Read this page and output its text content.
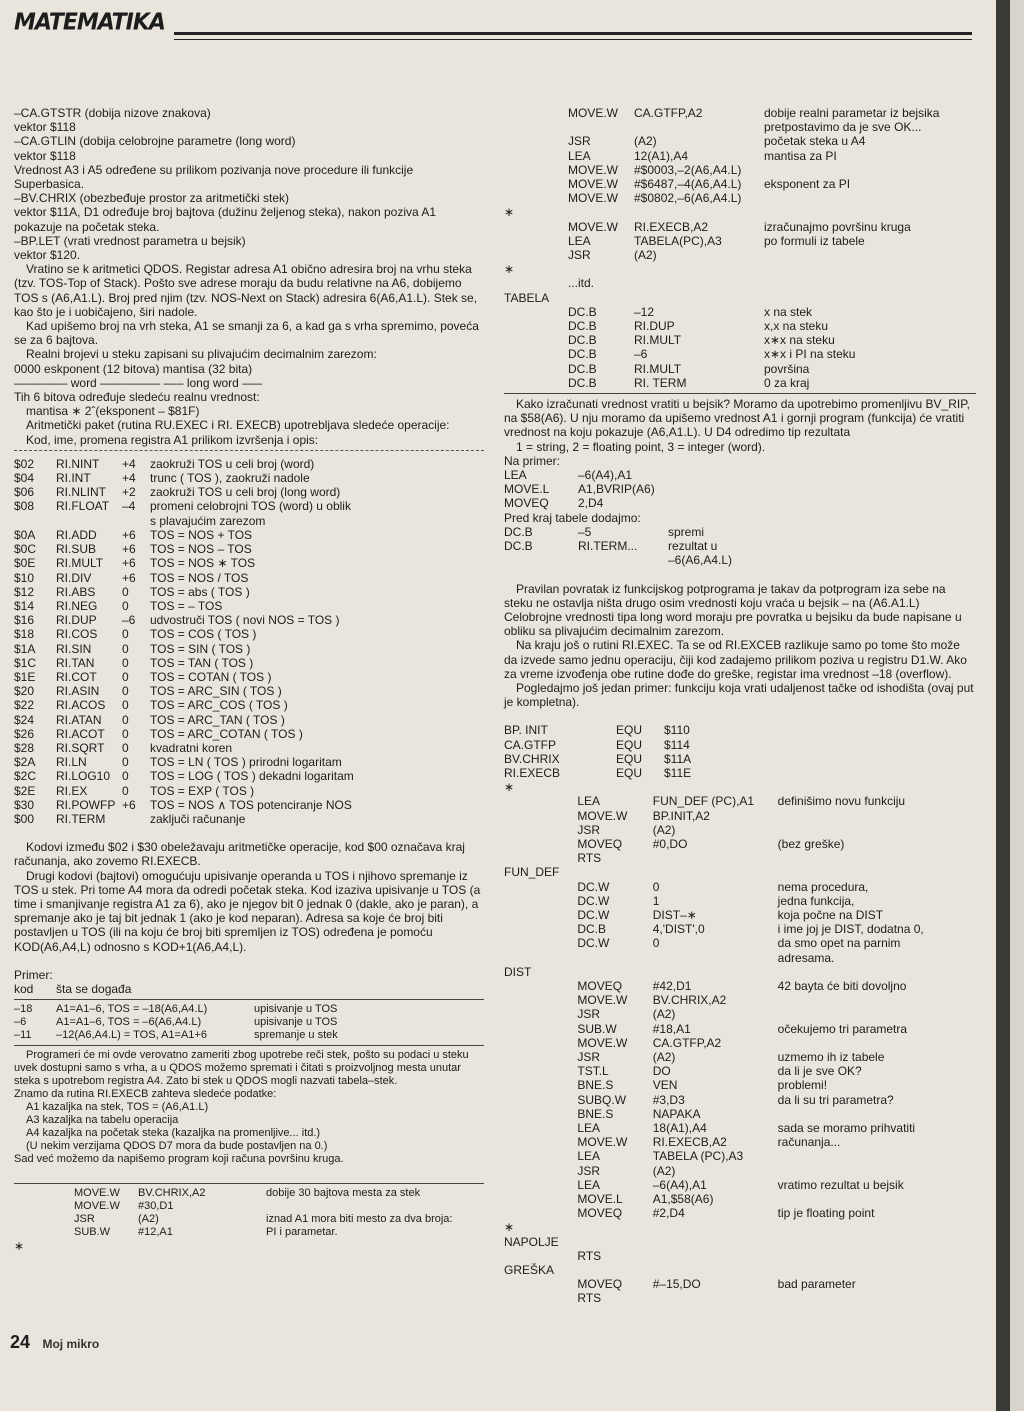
MATEMATIKA

–CA.GTSTR (dobija nizove znakova)

vektor $118

–CA.GTLIN (dobija celobrojne parametre (long word)

vektor $118

Vrednost A3 i A5 određene su prilikom pozivanja nove procedure ili funkcije Superbasica.

–BV.CHRIX (obezbeđuje prostor za aritmetički stek)

vektor $11A, D1 određuje broj bajtova (dužinu željenog steka), nakon poziva A1 pokazuje na početak steka.

–BP.LET (vrati vrednost parametra u bejsik)

vektor $120.

Vratino se k aritmetici QDOS. Registar adresa A1 obično adresira broj na vrhu steka (tzv. TOS-Top of Stack). Pošto sve adrese moraju da budu relativne na A6, dobijemo TOS s (A6,A1.L). Broj pred njim (tzv. NOS-Next on Stack) adresira 6(A6,A1.L). Stek se, kao što je i uobičajeno, širi nadole.

Kad upišemo broj na vrh steka, A1 se smanji za 6, a kad ga s vrha spremimo, poveća se za 6 bajtova.

Realni brojevi u steku zapisani su plivajućim decimalnim zarezom:

0000 eskponent (12 bitova) mantisa (32 bita)

–––––––– word ––––––––– ––– long word –––

Tih 6 bitova određuje sledeću realnu vrednost:

mantisa ∗ 2ˆ(eksponent – $81F)

Aritmetički paket (rutina RU.EXEC i RI. EXECB) upotrebljava sledeće operacije:

Kod, ime, promena registra A1 prilikom izvršenja i opis:

$02	RI.NINT	+4	zaokruži TOS u celi broj (word)
$04	RI.INT	+4	trunc ( TOS ), zaokruži nadole
$06	RI.NLINT	+2	zaokruži TOS u celi broj (long word)
$08	RI.FLOAT	–4	promeni celobrojni TOS (word) u oblik
s plavajućim zarezom
$0A	RI.ADD	+6	TOS = NOS + TOS
$0C	RI.SUB	+6	TOS = NOS – TOS
$0E	RI.MULT	+6	TOS = NOS ∗ TOS
$10	RI.DIV	+6	TOS = NOS / TOS
$12	RI.ABS	0	TOS = abs ( TOS )
$14	RI.NEG	0	TOS = – TOS
$16	RI.DUP	–6	udvostruči TOS ( novi NOS = TOS )
$18	RI.COS	0	TOS = COS ( TOS )
$1A	RI.SIN	0	TOS = SIN ( TOS )
$1C	RI.TAN	0	TOS = TAN ( TOS )
$1E	RI.COT	0	TOS = COTAN ( TOS )
$20	RI.ASIN	0	TOS = ARC_SIN ( TOS )
$22	RI.ACOS	0	TOS = ARC_COS ( TOS )
$24	RI.ATAN	0	TOS = ARC_TAN ( TOS )
$26	RI.ACOT	0	TOS = ARC_COTAN ( TOS )
$28	RI.SQRT	0	kvadratni koren
$2A	RI.LN	0	TOS = LN ( TOS ) prirodni logaritam
$2C	RI.LOG10 0	TOS = LOG ( TOS ) dekadni logaritam
$2E	RI.EX	0	TOS = EXP ( TOS )
$30	RI.POWFP +6	TOS = NOS ∧ TOS potenciranje NOS
$00	RI.TERM	zaključi računanje

Kodovi između $02 i $30 obeležavaju aritmetičke operacije, kod $00 označava kraj računanja, ako zovemo RI.EXECB.

Drugi kodovi (bajtovi) omogućuju upisivanje operanda u TOS i njihovo spremanje iz TOS u stek. Pri tome A4 mora da odredi početak steka. Kod izaziva upisivanje u TOS (a time i smanjivanje registra A1 za 6), ako je njegov bit 0 jednak 0 (dakle, ako je paran), a spremanje ako je taj bit jednak 1 (ako je kod neparan). Adresa sa koje će broj biti postavljen u TOS (ili na koju će broj biti spremljen iz TOS) određena je pomoću KOD(A6,A4,L) odnosno s KOD+1(A6,A4,L).

Primer:

kod	šta se događa
–18	A1=A1–6, TOS = –18(A6,A4.L)	upisivanje u TOS
–6	A1=A1–6, TOS = –6(A6,A4.L)	upisivanje u TOS
–11	–12(A6,A4.L) = TOS, A1=A1+6	spremanje u stek

Programeri će mi ovde verovatno zameriti zbog upotrebe reči stek, pošto su podaci u steku uvek dostupni samo s vrha, a u QDOS možemo spremati i čitati s proizvoljnog mesta unutar steka s upotrebom registra A4. Zato bi stek u QDOS mogli nazvati tabela–stek.

Znamo da rutina RI.EXECB zahteva sledeće podatke:

A1 kazaljka na stek, TOS = (A6,A1.L)

A3 kazaljka na tabelu operacija

A4 kazaljka na početak steka (kazaljka na promenljive... itd.)

(U nekim verzijama QDOS D7 mora da bude postavljen na 0.)

Sad već možemo da napišemo program koji računa površinu kruga.

MOVE.W	BV.CHRIX,A2	dobije 30 bajtova mesta za stek
MOVE.W	#30,D1
JSR	(A2)	iznad A1 mora biti mesto za dva broja:
SUB.W	#12,A1	PI i parametar.
∗
MOVE.W	CA.GTFP,A2	dobije realni parametar iz bejsika
pretpostavimo da je sve OK...
JSR	(A2)	početak steka u A4
LEA	12(A1),A4	mantisa za PI
MOVE.W	#$0003,–2(A6,A4.L)
MOVE.W	#$6487,–4(A6,A4.L)	eksponent za PI
MOVE.W	#$0802,–6(A6,A4.L)
∗
MOVE.W	RI.EXECB,A2	izračunajmo površinu kruga
LEA	TABELA(PC),A3	po formuli iz tabele
JSR	(A2)
∗
...itd.
TABELA
DC.B	–12	x na stek
DC.B	RI.DUP	x,x na steku
DC.B	RI.MULT	x∗x na steku
DC.B	–6	x∗x i PI na steku
DC.B	RI.MULT	površina
DC.B	RI. TERM	0 za kraj

Kako izračunati vrednost vratiti u bejsik? Moramo da upotrebimo promenljivu BV_RIP, na $58(A6). U nju moramo da upišemo vrednost A1 i gornji program (funkcija) će vratiti vrednost na koju pokazuje (A6,A1.L). U D4 odredimo tip rezultata

1 = string, 2 = floating point, 3 = integer (word).

Na primer:

LEA	–6(A4),A1
MOVE.L	A1,BVRIP(A6)
MOVEQ	2,D4

Pred kraj tabele dodajmo:

DC.B	–5	spremi
DC.B	RI.TERM...	rezultat u
–6(A6,A4.L)

Pravilan povratak iz funkcijskog potprograma je takav da potprogram iza sebe na steku ne ostavlja ništa drugo osim vrednosti koju vraća u bejsik – na (A6.A1.L) Celobrojne vrednosti tipa long word moraju pre povratka u bejsiku da bude napisane u obliku sa plivajućim decimalnim zarezom.

Na kraju još o rutini RI.EXEC. Ta se od RI.EXCEB razlikuje samo po tome što može da izvede samo jednu operaciju, čiji kod zadajemo prilikom poziva u registru D1.W. Ako za vreme izvođenja obe rutine dođe do greške, registar ima vrednost –18 (overflow).

Pogledajmo još jedan primer: funkciju koja vrati udaljenost tačke od ishodišta (ovaj put je kompletna).

BP. INIT	EQU	$110
CA.GTFP	EQU	$114
BV.CHRIX	EQU	$11A
RI.EXECB	EQU	$11E
∗
LEA	FUN_DEF (PC),A1	definišimo novu funkciju
MOVE.W	BP.INIT,A2
JSR	(A2)
MOVEQ	#0,DO	(bez greške)
RTS
FUN_DEF
DC.W	0	nema procedura,
DC.W	1	jedna funkcija,
DC.W	DIST–∗	koja počne na DIST
DC.B	4,'DIST',0	i ime joj je DIST, dodatna 0,
DC.W	0	da smo opet na parnim
adresama.
DIST
MOVEQ	#42,D1	42 bayta će biti dovoljno
MOVE.W	BV.CHRIX,A2
JSR	(A2)
SUB.W	#18,A1	očekujemo tri parametra
MOVE.W	CA.GTFP,A2
JSR	(A2)	uzmemo ih iz tabele
TST.L	DO	da li je sve OK?
BNE.S	VEN	problemi!
SUBQ.W	#3,D3	da li su tri parametra?
BNE.S	NAPAKA
LEA	18(A1),A4	sada se moramo prihvatiti
MOVE.W	RI.EXECB,A2	računanja...
LEA	TABELA (PC),A3
JSR	(A2)
LEA	–6(A4),A1	vratimo rezultat u bejsik
MOVE.L	A1,$58(A6)
MOVEQ	#2,D4	tip je floating point
∗
NAPOLJE
RTS
GREŠKA
MOVEQ	#–15,DO	bad parameter
RTS
24 Moj mikro
